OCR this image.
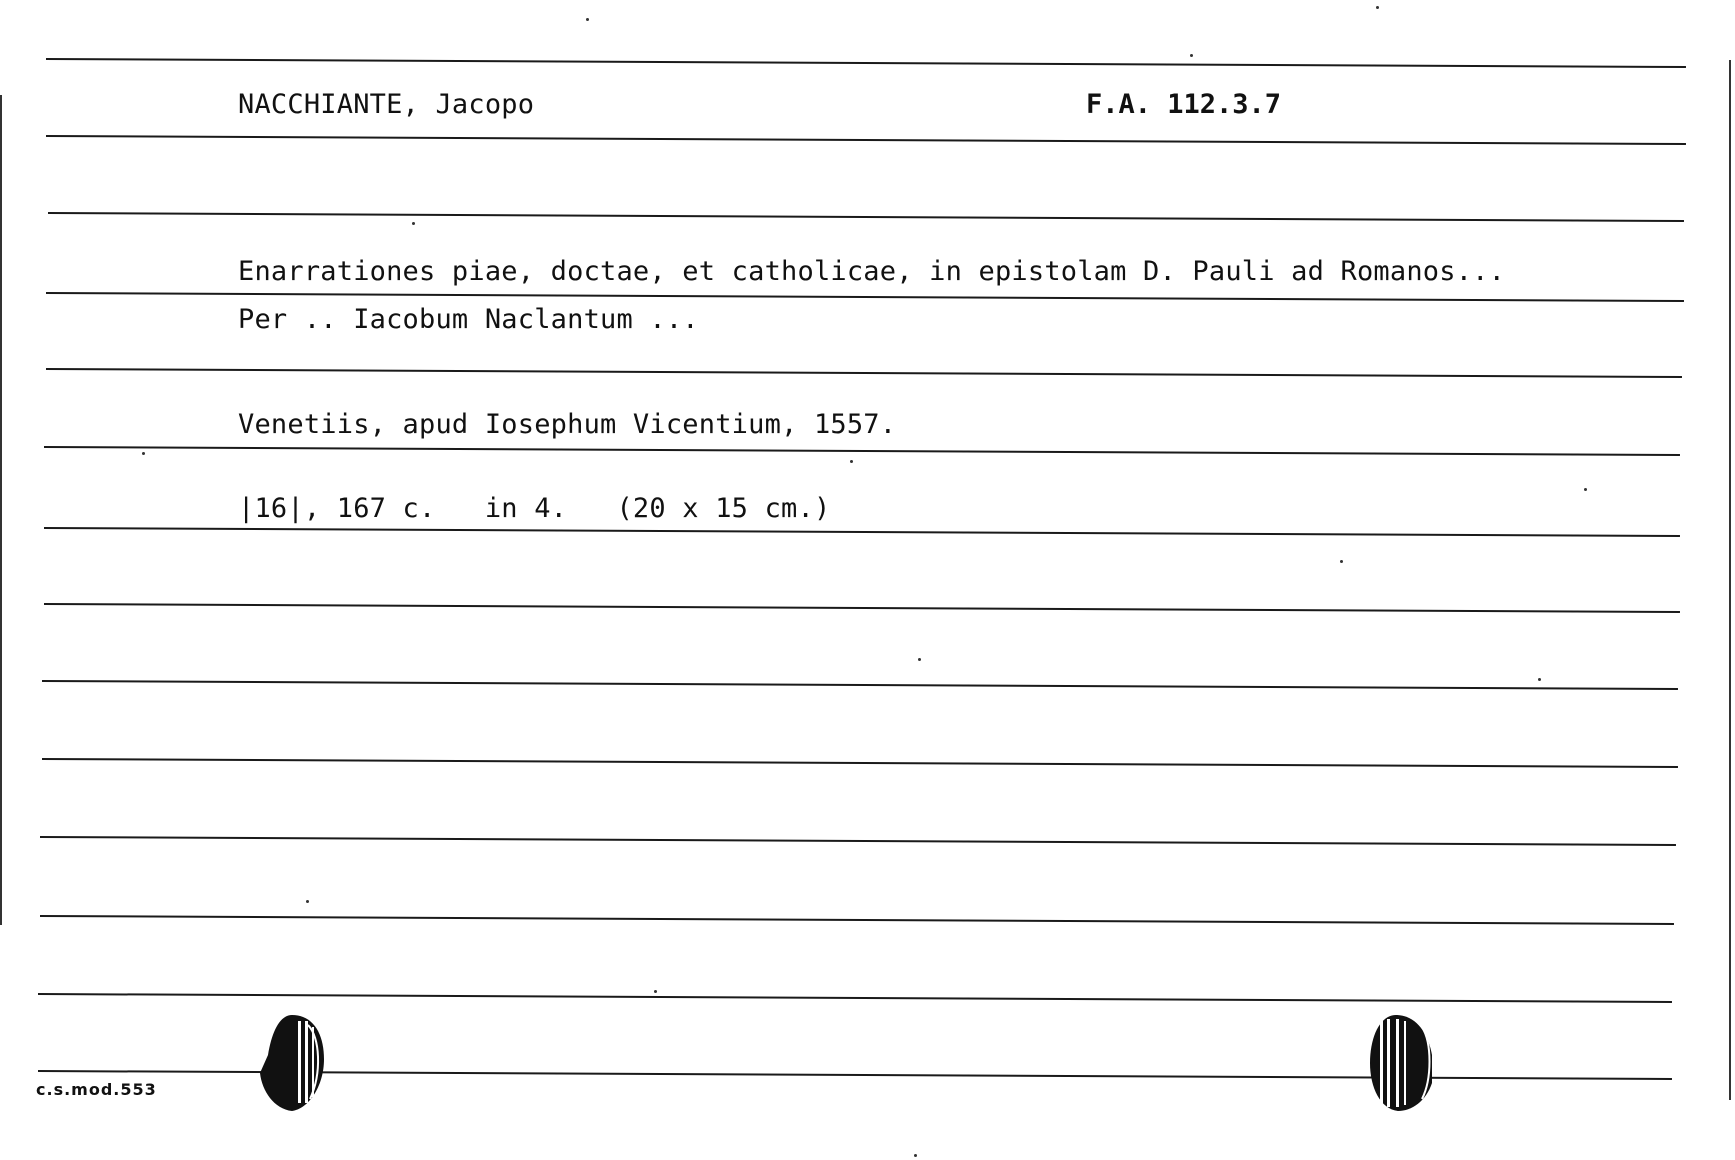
NACCHIANTE, Jacopo	F.A. 112.3.7
Enarrationes piae, doctae, et catholicae, in epistolam D. Pauli ad Romanos...
Per .. Iacobum Naclantum ...
Venetiis, apud Iosephum Vicentium, 1557.
|16|, 167 c.   in 4.   (20 x 15 cm.)
c.s.mod.553
